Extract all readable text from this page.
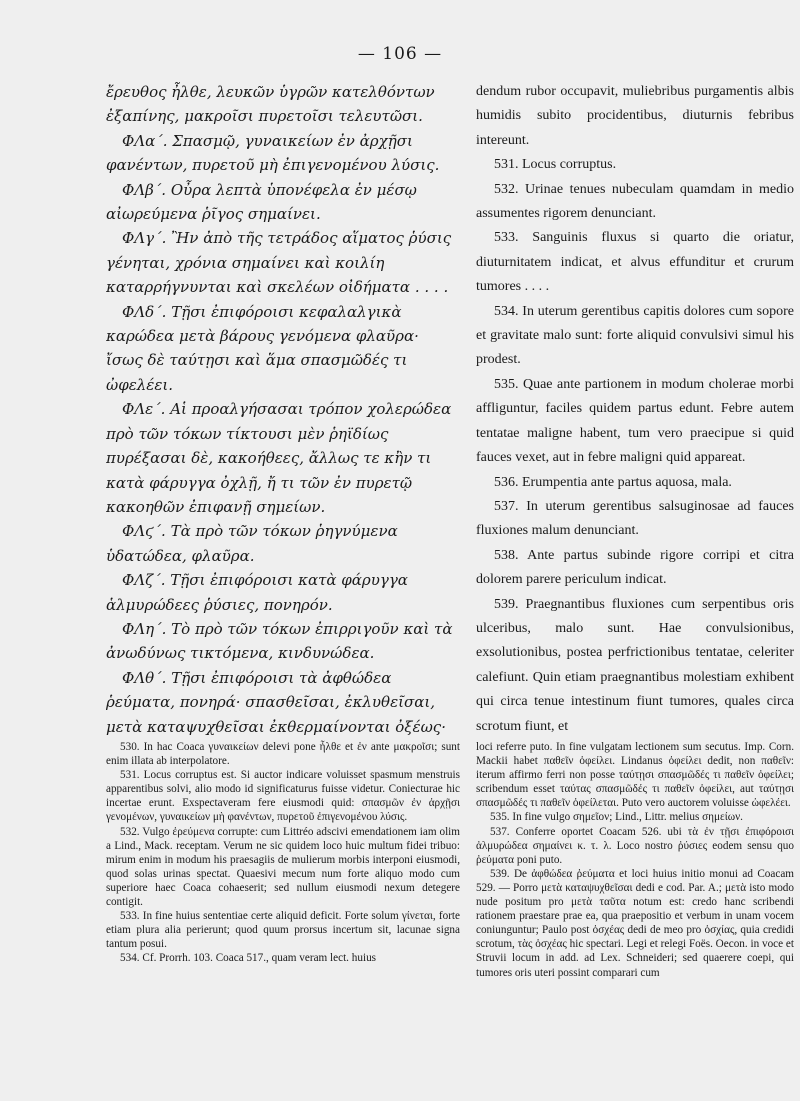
— 106 —

ἔρευθος ἦλθε, λευκῶν ὑγρῶν κατελθόντων ἐξαπίνης, μακροῖσι πυρετοῖσι τελευτῶσι.

ΦΛα΄. Σπασμῷ, γυναικείων ἐν ἀρχῇσι φανέντων, πυρετοῦ μὴ ἐπιγενομένου λύσις.

ΦΛβ΄. Οὖρα λεπτὰ ὑπονέφελα ἐν μέσῳ αἰωρεύμενα ῥῖγος σημαίνει.

ΦΛγ΄. Ἢν ἀπὸ τῆς τετράδος αἵματος ῥύσις γένηται, χρόνια σημαίνει καὶ κοιλίη καταρρήγνυνται καὶ σκελέων οἰδήματα . . . .

ΦΛδ΄. Τῇσι ἐπιφόροισι κεφαλαλγικὰ καρώδεα μετὰ βάρους γενόμενα φλαῦρα· ἴσως δὲ ταύτῃσι καὶ ἅμα σπασμῶδές τι ὠφελέει.

ΦΛε΄. Αἱ προαλγήσασαι τρόπον χολερώδεα πρὸ τῶν τόκων τίκτουσι μὲν ῥηϊδίως πυρέξασαι δὲ, κακοήθεες, ἄλλως τε κἢν τι κατὰ φάρυγγα ὀχλῇ, ἤ τι τῶν ἐν πυρετῷ κακοηθῶν ἐπιφανῇ σημείων.

ΦΛϛ΄. Τὰ πρὸ τῶν τόκων ῥηγνύμενα ὑδατώδεα, φλαῦρα.

ΦΛζ΄. Τῇσι ἐπιφόροισι κατὰ φάρυγγα ἁλμυρώδεες ῥύσιες, πονηρόν.

ΦΛη΄. Τὸ πρὸ τῶν τόκων ἐπιρριγοῦν καὶ τὰ ἀνωδύνως τικτόμενα, κινδυνώδεα.

ΦΛθ΄. Τῇσι ἐπιφόροισι τὰ ἀφθώδεα ῥεύματα, πονηρά· σπασθεῖσαι, ἐκλυθεῖσαι, μετὰ καταψυχθεῖσαι ἐκθερμαίνονται ὀξέως·

dendum rubor occupavit, muliebribus purgamentis albis humidis subito procidentibus, diuturnis febribus intereunt.

531. Locus corruptus.

532. Urinae tenues nubeculam quamdam in medio assumentes rigorem denunciant.

533. Sanguinis fluxus si quarto die oriatur, diuturnitatem indicat, et alvus effunditur et crurum tumores . . . .

534. In uterum gerentibus capitis dolores cum sopore et gravitate malo sunt: forte aliquid convulsivi simul his prodest.

535. Quae ante partionem in modum cholerae morbi affliguntur, faciles quidem partus edunt. Febre autem tentatae maligne habent, tum vero praecipue si quid fauces vexet, aut in febre maligni quid appareat.

536. Erumpentia ante partus aquosa, mala.

537. In uterum gerentibus salsuginosae ad fauces fluxiones malum denunciant.

538. Ante partus subinde rigore corripi et citra dolorem parere periculum indicat.

539. Praegnantibus fluxiones cum serpentibus oris ulceribus, malo sunt. Hae convulsionibus, exsolutionibus, postea perfrictionibus tentatae, celeriter calefiunt. Quin etiam praegnantibus molestiam exhibent qui circa tenue intestinum fiunt tumores, quales circa scrotum fiunt, et

530. In hac Coaca γυναικείων delevi pone ἦλθε et ἐν ante μακροῖσι; sunt enim illata ab interpolatore.

531. Locus corruptus est. Si auctor indicare voluisset spasmum menstruis apparentibus solvi, alio modo id significaturus fuisse videtur. Coniecturae hic incertae erunt. Exspectaveram fere eiusmodi quid: σπασμῶν ἐν ἀρχῇσι γενομένων, γυναικείων μὴ φανέντων, πυρετοῦ ἐπιγενομένου λύσις.

532. Vulgo ἐρεύμενα corrupte: cum Littréo adscivi emendationem iam olim a Lind., Mack. receptam. Verum ne sic quidem loco huic multum fidei tribuo: mirum enim in modum his praesagiis de mulierum morbis interponi eiusmodi, quod solas urinas spectat. Quaesivi mecum num forte aliquo modo cum superiore haec Coaca cohaeserit; sed nullum eiusmodi nexum detegere contigit.

533. In fine huius sententiae certe aliquid deficit. Forte solum γίνεται, forte etiam plura alia perierunt; quod quum prorsus incertum sit, lacunae signa tantum posui.

534. Cf. Prorrh. 103. Coaca 517., quam veram lect. huius

loci referre puto. In fine vulgatam lectionem sum secutus. Imp. Corn. Mackii habet παθεῖν ὀφείλει. Lindanus ὀφείλει dedit, non παθεῖν: iterum affirmo ferri non posse ταύτῃσι σπασμῶδές τι παθεῖν ὀφείλει; scribendum esset ταύτας σπασμῶδές τι παθεῖν ὀφείλει, aut ταύτῃσι σπασμῶδές τι παθεῖν ὀφείλεται. Puto vero auctorem voluisse ὠφελέει.

535. In fine vulgo σημεῖον; Lind., Littr. melius σημείων.

537. Conferre oportet Coacam 526. ubi τὰ ἐν τῇσι ἐπιφόροισι ἁλμυρώδεα σημαίνει κ. τ. λ. Loco nostro ῥύσιες eodem sensu quo ῥεύματα poni puto.

539. De ἀφθώδεα ῥεύματα et loci huius initio monui ad Coacam 529. — Porro μετὰ καταψυχθεῖσαι dedi e cod. Par. A.; μετὰ isto modo nude positum pro μετὰ ταῦτα notum est: credo hanc scribendi rationem praestare prae ea, qua praepositio et verbum in unam vocem coniunguntur; Paulo post ὀσχέας dedi de meo pro ὀσχίας, quia credidi scrotum, τὰς ὀσχέας hic spectari. Legi et relegi Foës. Oecon. in voce et Struvii locum in add. ad Lex. Schneideri; sed quaerere coepi, qui tumores oris uteri possint comparari cum
